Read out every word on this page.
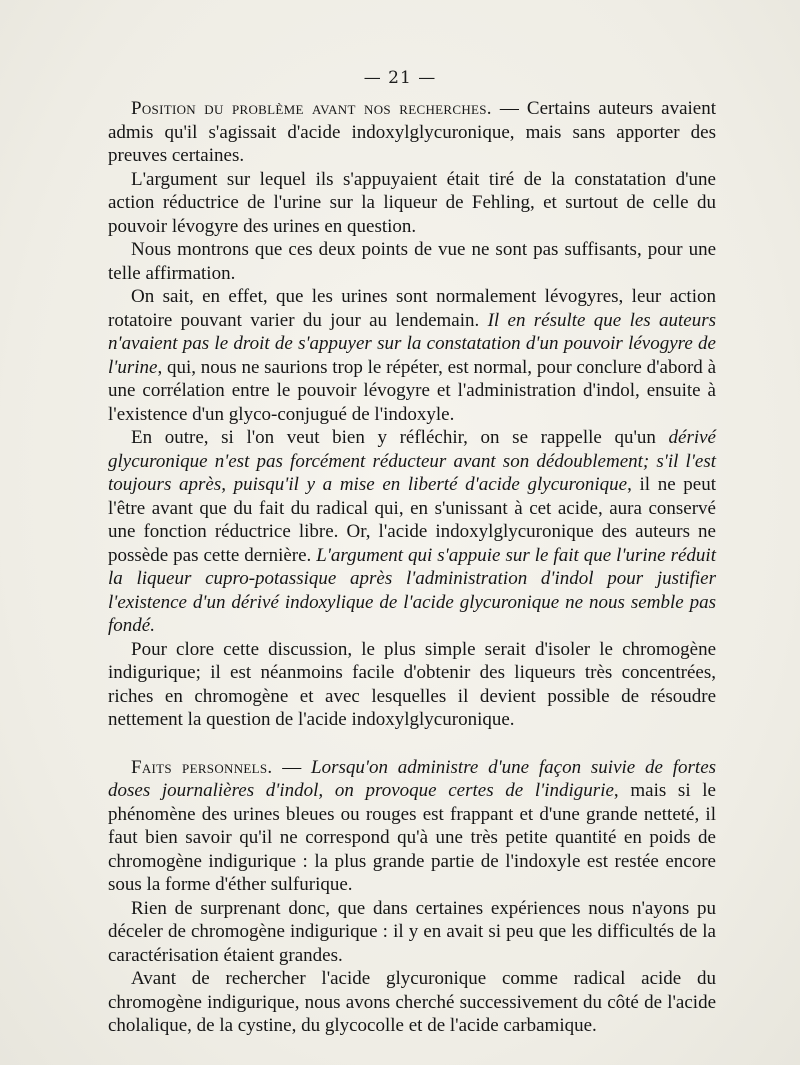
— 21 —

Position du problème avant nos recherches. — Certains auteurs avaient admis qu'il s'agissait d'acide indoxylglycuronique, mais sans apporter des preuves certaines.

L'argument sur lequel ils s'appuyaient était tiré de la constatation d'une action réductrice de l'urine sur la liqueur de Fehling, et surtout de celle du pouvoir lévogyre des urines en question.

Nous montrons que ces deux points de vue ne sont pas suffisants, pour une telle affirmation.

On sait, en effet, que les urines sont normalement lévogyres, leur action rotatoire pouvant varier du jour au lendemain. Il en résulte que les auteurs n'avaient pas le droit de s'appuyer sur la constatation d'un pouvoir lévogyre de l'urine, qui, nous ne saurions trop le répéter, est normal, pour conclure d'abord à une corrélation entre le pouvoir lévogyre et l'administration d'indol, ensuite à l'existence d'un glyco-conjugué de l'indoxyle.

En outre, si l'on veut bien y réfléchir, on se rappelle qu'un dérivé glycuronique n'est pas forcément réducteur avant son dédoublement; s'il l'est toujours après, puisqu'il y a mise en liberté d'acide glycuronique, il ne peut l'être avant que du fait du radical qui, en s'unissant à cet acide, aura conservé une fonction réductrice libre. Or, l'acide indoxylglycuronique des auteurs ne possède pas cette dernière. L'argument qui s'appuie sur le fait que l'urine réduit la liqueur cupro-potassique après l'administration d'indol pour justifier l'existence d'un dérivé indoxylique de l'acide glycuronique ne nous semble pas fondé.

Pour clore cette discussion, le plus simple serait d'isoler le chromogène indigurique; il est néanmoins facile d'obtenir des liqueurs très concentrées, riches en chromogène et avec lesquelles il devient possible de résoudre nettement la question de l'acide indoxylglycuronique.

Faits personnels. — Lorsqu'on administre d'une façon suivie de fortes doses journalières d'indol, on provoque certes de l'indigurie, mais si le phénomène des urines bleues ou rouges est frappant et d'une grande netteté, il faut bien savoir qu'il ne correspond qu'à une très petite quantité en poids de chromogène indigurique : la plus grande partie de l'indoxyle est restée encore sous la forme d'éther sulfurique.

Rien de surprenant donc, que dans certaines expériences nous n'ayons pu déceler de chromogène indigurique : il y en avait si peu que les difficultés de la caractérisation étaient grandes.

Avant de rechercher l'acide glycuronique comme radical acide du chromogène indigurique, nous avons cherché successivement du côté de l'acide cholalique, de la cystine, du glycocolle et de l'acide carbamique.
